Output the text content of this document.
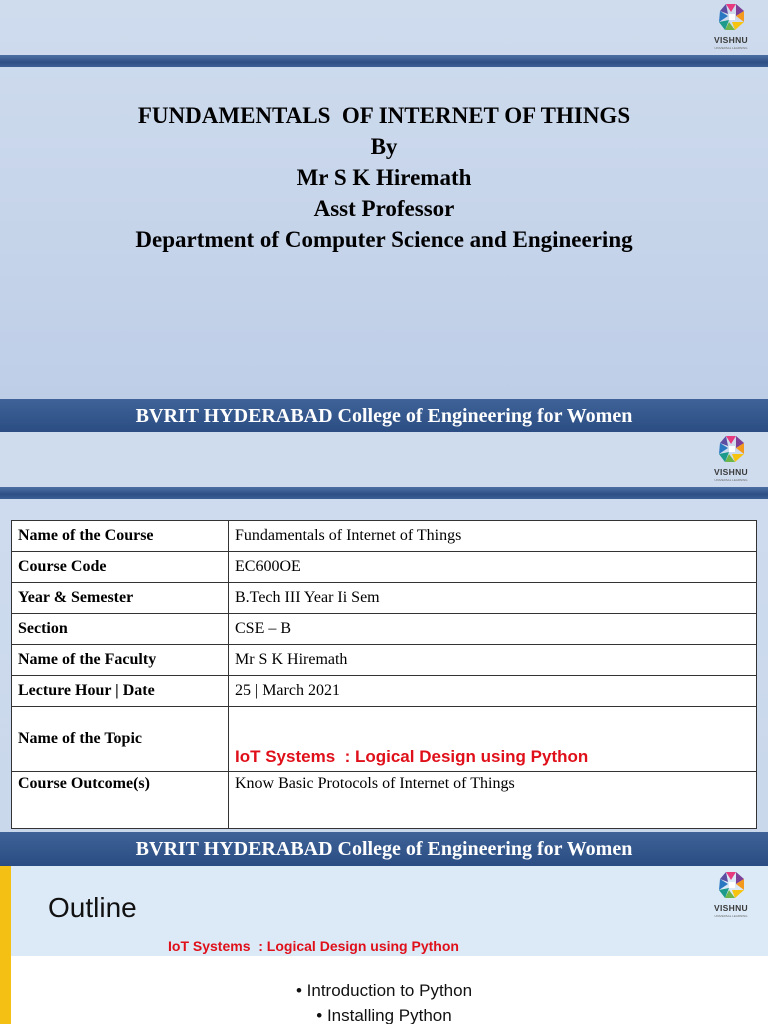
VISHNU
UNIVERSAL LEARNING
FUNDAMENTALS  OF INTERNET OF THINGS
By
Mr S K Hiremath
Asst Professor
Department of Computer Science and Engineering
BVRIT HYDERABAD College of Engineering for Women
VISHNU
UNIVERSAL LEARNING
Name of the Course	Fundamentals of Internet of Things
Course Code	EC600OE
Year & Semester	B.Tech III Year Ii Sem
Section	CSE – B
Name of the Faculty	Mr S K Hiremath
Lecture Hour | Date	25 | March 2021
Name of the Topic	IoT Systems  : Logical Design using Python
Course Outcome(s)	Know Basic Protocols of Internet of Things
BVRIT HYDERABAD College of Engineering for Women
Outline
IoT Systems  : Logical Design using Python
VISHNU
UNIVERSAL LEARNING
• Introduction to Python
• Installing Python
